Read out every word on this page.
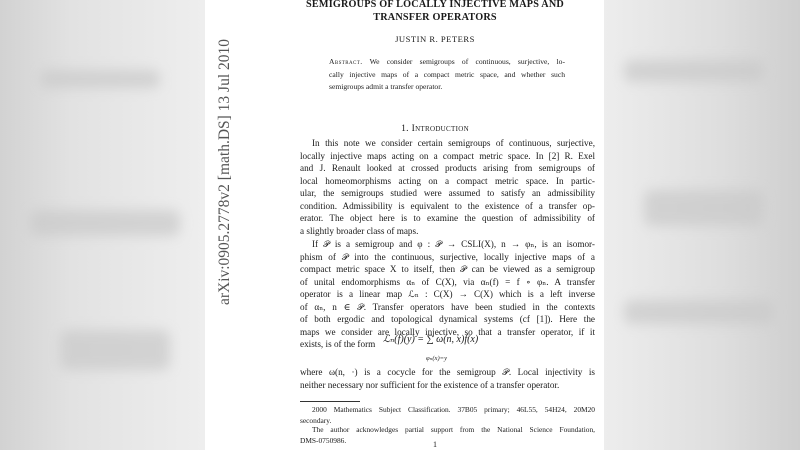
arXiv:0905.2778v2 [math.DS] 13 Jul 2010
SEMIGROUPS OF LOCALLY INJECTIVE MAPS AND
TRANSFER OPERATORS
JUSTIN R. PETERS
Abstract. We consider semigroups of continuous, surjective, lo-
cally injective maps of a compact metric space, and whether such
semigroups admit a transfer operator.
1. Introduction
In this note we consider certain semigroups of continuous, surjective,
locally injective maps acting on a compact metric space. In [2] R. Exel
and J. Renault looked at crossed products arising from semigroups of
local homeomorphisms acting on a compact metric space. In partic-
ular, the semigroups studied were assumed to satisfy an admissibility
condition. Admissibility is equivalent to the existence of a transfer op-
erator. The object here is to examine the question of admissibility of
a slightly broader class of maps.
If 𝒫 is a semigroup and φ : 𝒫 → CSLI(X), n → φₙ, is an isomor-
phism of 𝒫 into the continuous, surjective, locally injective maps of a
compact metric space X to itself, then 𝒫 can be viewed as a semigroup
of unital endomorphisms αₙ of C(X), via αₙ(f) = f ∘ φₙ. A transfer
operator is a linear map ℒₙ : C(X) → C(X) which is a left inverse
of αₙ, n ∈ 𝒫. Transfer operators have been studied in the contexts
of both ergodic and topological dynamical systems (cf [1]). Here the
maps we consider are locally injective, so that a transfer operator, if it
exists, is of the form ℒₙ(f)(y) = ∑ ω(n, x)f(x)
φₙ(x)=y
where ω(n, ·) is a cocycle for the semigroup 𝒫. Local injectivity is
neither necessary nor sufficient for the existence of a transfer operator.
2000 Mathematics Subject Classification. 37B05 primary; 46L55, 54H24, 20M20
secondary.
The author acknowledges partial support from the National Science Foundation,
DMS-0750986.	1
